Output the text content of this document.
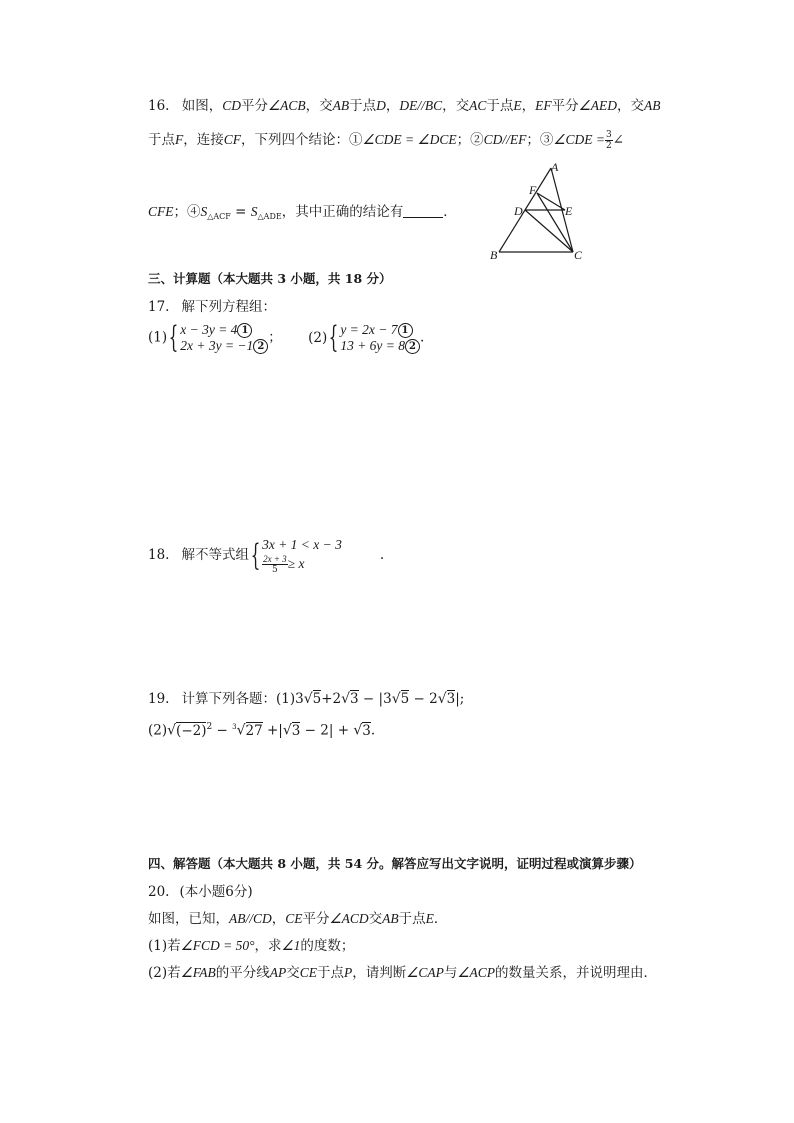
16. 如图，CD平分∠ACB，交AB于点D，DE//BC，交AC于点E，EF平分∠AED，交AB
于点F，连接CF，下列四个结论：①∠CDE = ∠DCE；②CD//EF；③∠CDE = $\frac{3}{2}$ ∠
CFE；$④S_{\triangle ACF} = S_{\triangle ADE}$，其中正确的结论有	．
A
F
D	E
B	C
三、计算题（本大题共 3 小题，共 18 分）
17. 解下列方程组：
(1){ x − 3y = 4 1
2x + 3y = −1 2； (2){ y = 2x − 7 1
13 + 6y = 8 2.
18. 解不等式组{ 3x + 1 < x − 3

$\frac{2x + 3}{5} \ge x$.
19. 计算下列各题：(1)3√5+2√3 − |3√5 − 2√3|;
$(2)√(-2)^2 - ^3√27 +|√3 - 2| + √3$.
四、解答题（本大题共 8 小题，共 54 分。解答应写出文字说明，证明过程或演算步骤）
20. (本小题6分)
如图，已知，AB//CD，CE平分∠ACD交AB于点E．
(1)若∠FCD = 50°，求∠1的度数；
(2)若∠FAB的平分线AP交CE于点P，请判断∠CAP与∠ACP的数量关系，并说明理由．
